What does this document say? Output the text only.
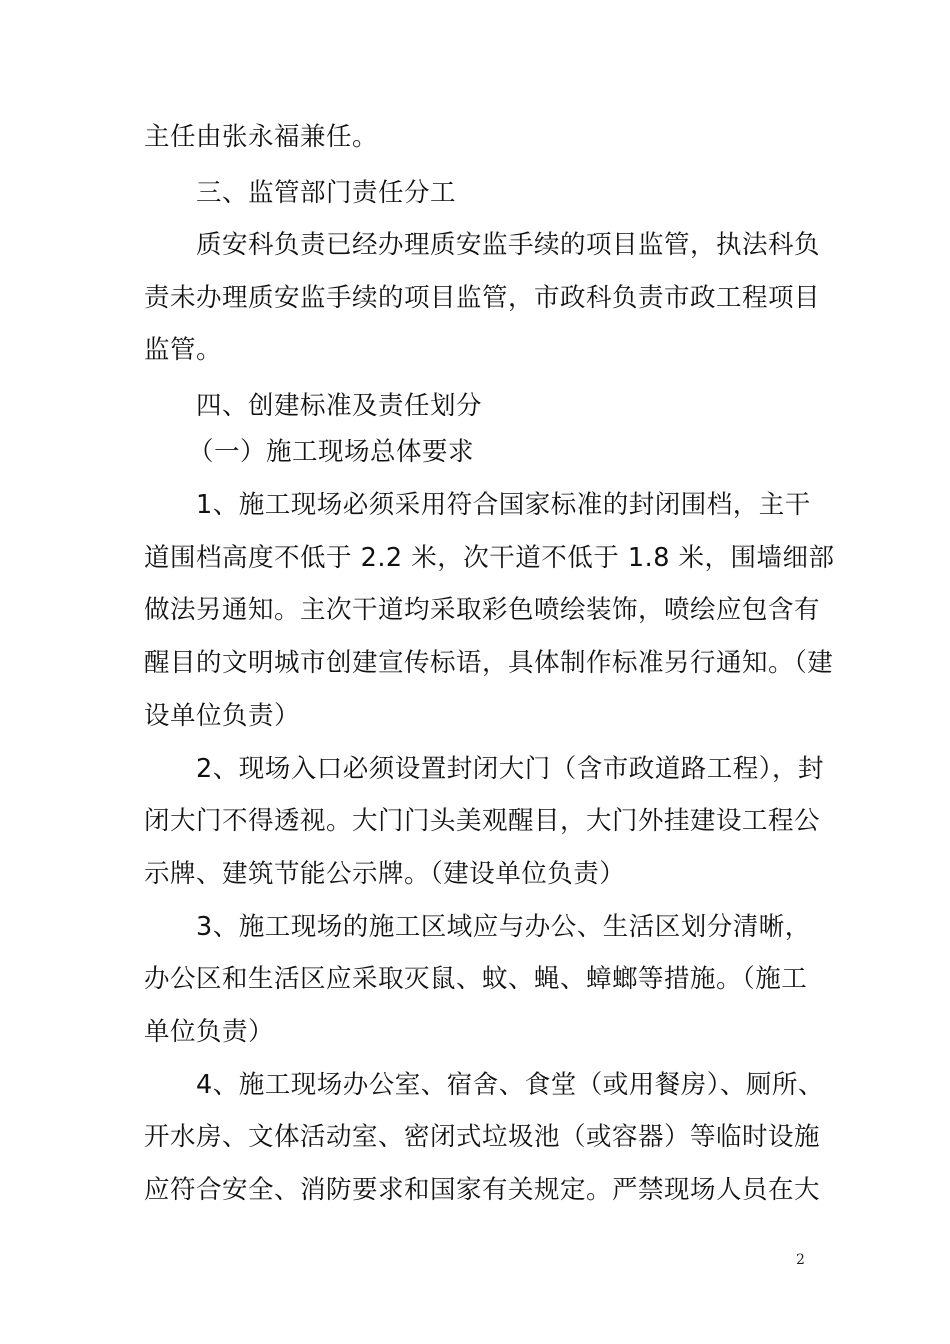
主任由张永福兼任。
三、监管部门责任分工
质安科负责已经办理质安监手续的项目监管，执法科负
责未办理质安监手续的项目监管，市政科负责市政工程项目
监管。
四、创建标准及责任划分
（一）施工现场总体要求
1、施工现场必须采用符合国家标准的封闭围档，主干
道围档高度不低于 2.2 米，次干道不低于 1.8 米，围墙细部
做法另通知。主次干道均采取彩色喷绘装饰，喷绘应包含有
醒目的文明城市创建宣传标语，具体制作标准另行通知。（建
设单位负责）
2、现场入口必须设置封闭大门（含市政道路工程），封
闭大门不得透视。大门门头美观醒目，大门外挂建设工程公
示牌、建筑节能公示牌。（建设单位负责）
3、施工现场的施工区域应与办公、生活区划分清晰，
办公区和生活区应采取灭鼠、蚊、蝇、蟑螂等措施。（施工
单位负责）
4、施工现场办公室、宿舍、食堂（或用餐房）、厕所、
开水房、文体活动室、密闭式垃圾池（或容器）等临时设施
应符合安全、消防要求和国家有关规定。严禁现场人员在大
2
